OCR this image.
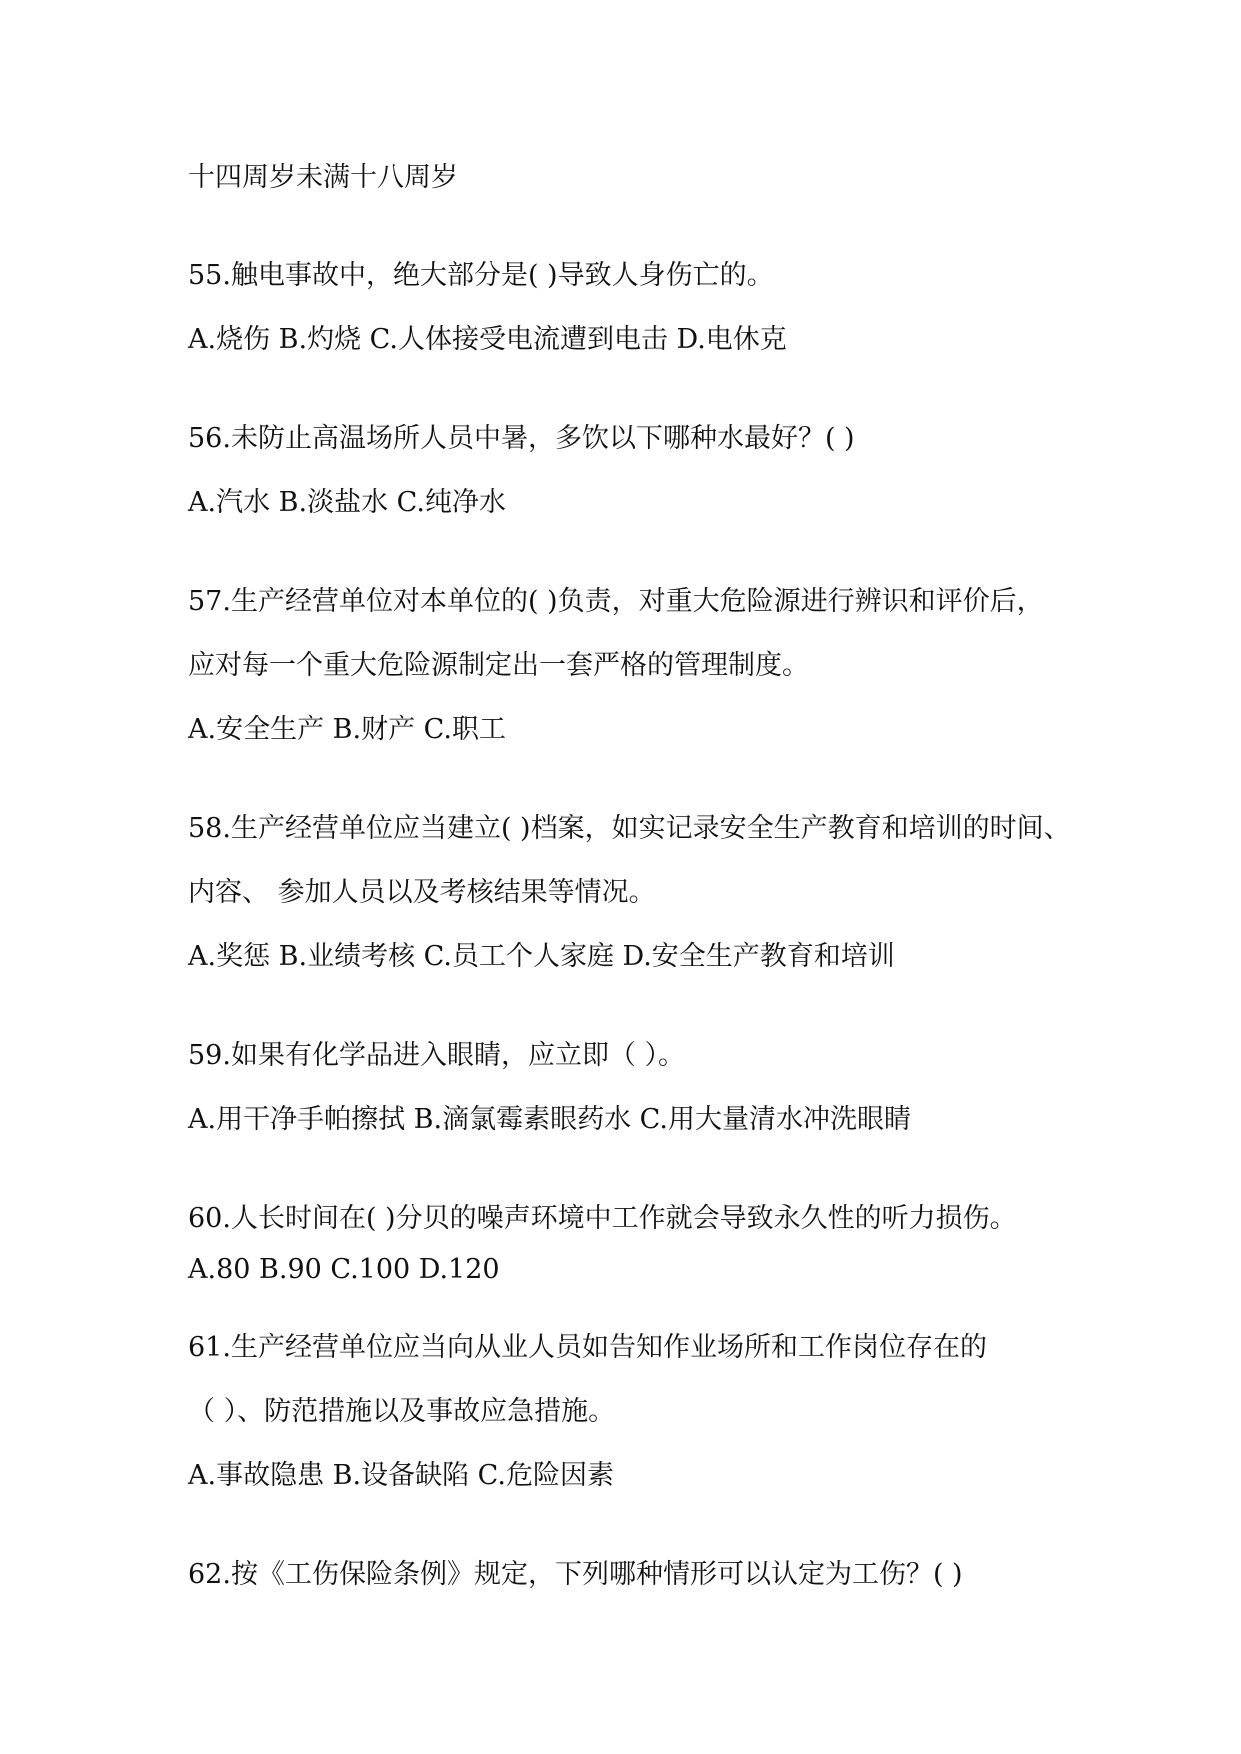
十四周岁未满十八周岁

55.触电事故中，绝大部分是( )导致人身伤亡的。

A.烧伤 B.灼烧 C.人体接受电流遭到电击 D.电休克

56.未防止高温场所人员中暑，多饮以下哪种水最好？( )

A.汽水 B.淡盐水 C.纯净水

57.生产经营单位对本单位的( )负责，对重大危险源进行辨识和评价后，

应对每一个重大危险源制定出一套严格的管理制度。

A.安全生产 B.财产 C.职工

58.生产经营单位应当建立( )档案，如实记录安全生产教育和培训的时间、

内容、 参加人员以及考核结果等情况。

A.奖惩 B.业绩考核 C.员工个人家庭 D.安全生产教育和培训

59.如果有化学品进入眼睛，应立即（ ）。

A.用干净手帕擦拭 B.滴氯霉素眼药水 C.用大量清水冲洗眼睛

60.人长时间在( )分贝的噪声环境中工作就会导致永久性的听力损伤。

A.80 B.90 C.100 D.120

61.生产经营单位应当向从业人员如告知作业场所和工作岗位存在的

（ ）、防范措施以及事故应急措施。

A.事故隐患 B.设备缺陷 C.危险因素

62.按《工伤保险条例》规定，下列哪种情形可以认定为工伤？( )
